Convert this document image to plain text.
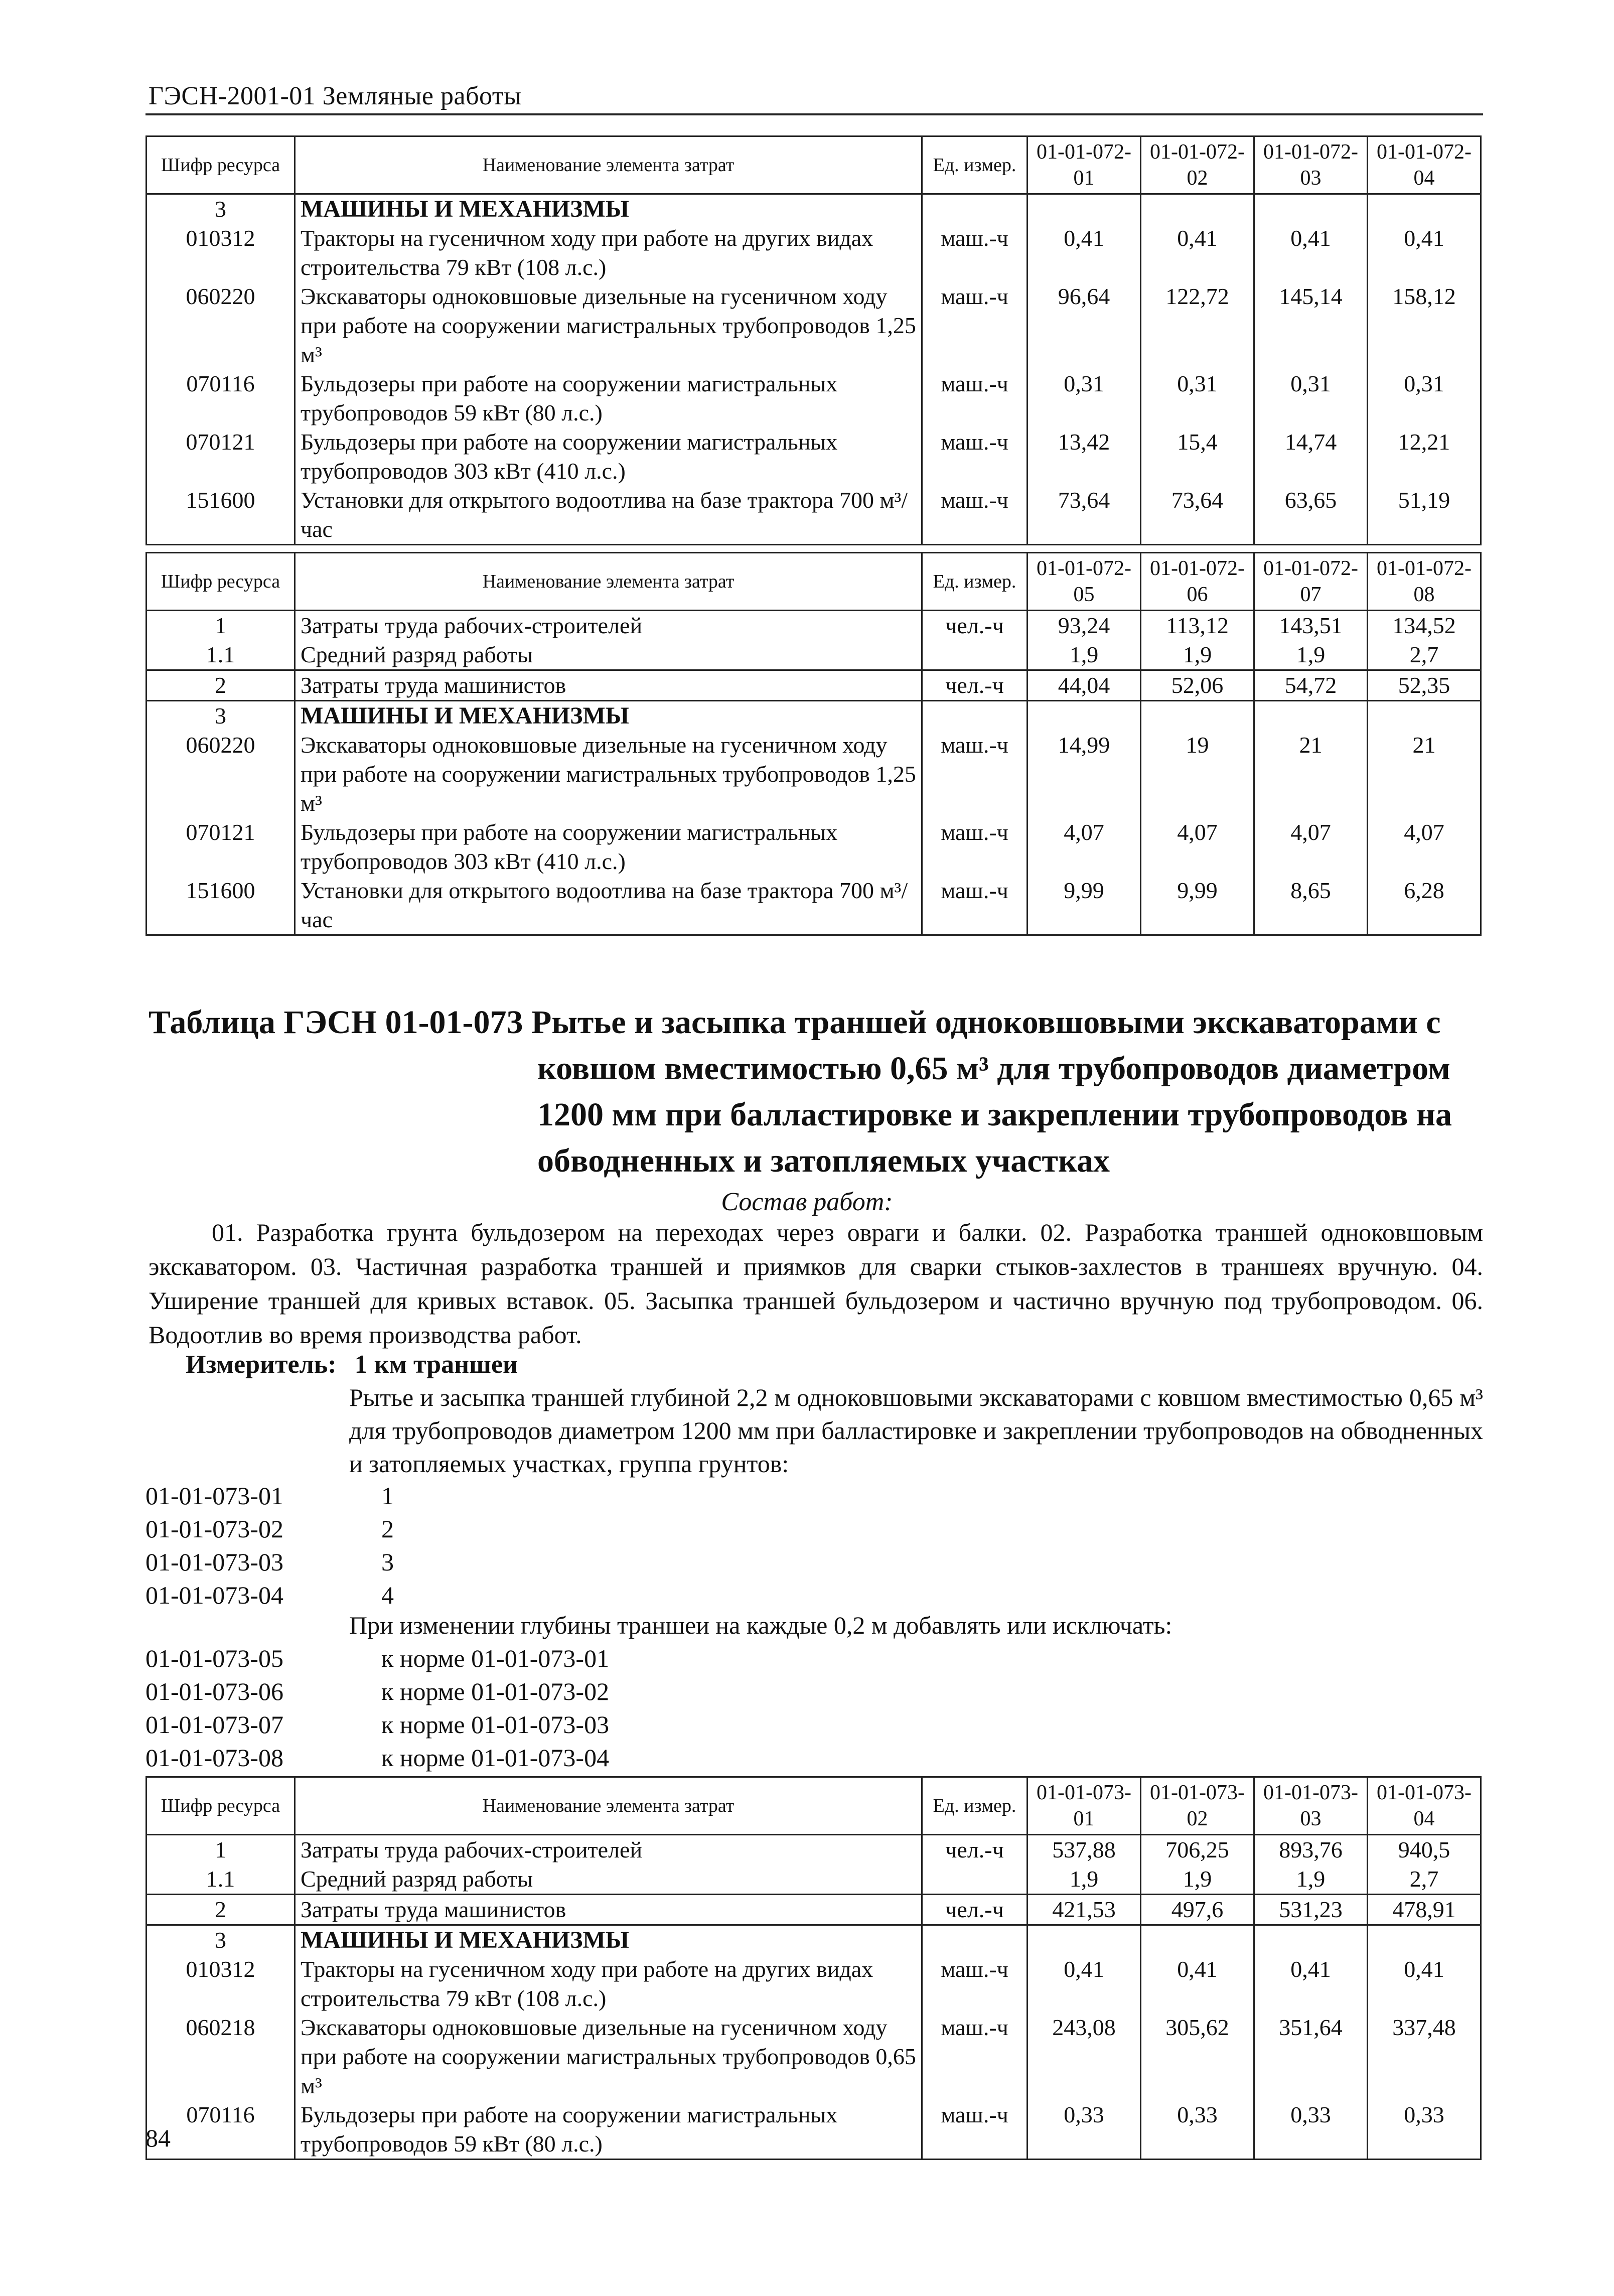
ГЭСН-2001-01 Земляные работы
Шифр ресурса	Наименование элемента затрат	Ед. измер.	01-01-072-01	01-01-072-02	01-01-072-03	01-01-072-04
3	МАШИНЫ И МЕХАНИЗМЫ					
010312	Тракторы на гусеничном ходу при работе на других видах строительства 79 кВт (108 л.с.)	маш.-ч	0,41	0,41	0,41	0,41
060220	Экскаваторы одноковшовые дизельные на гусеничном ходу при работе на сооружении магистральных трубопроводов 1,25 м³	маш.-ч	96,64	122,72	145,14	158,12
070116	Бульдозеры при работе на сооружении магистральных трубопроводов 59 кВт (80 л.с.)	маш.-ч	0,31	0,31	0,31	0,31
070121	Бульдозеры при работе на сооружении магистральных трубопроводов 303 кВт (410 л.с.)	маш.-ч	13,42	15,4	14,74	12,21
151600	Установки для открытого водоотлива на базе трактора 700 м³/час	маш.-ч	73,64	73,64	63,65	51,19
Шифр ресурса	Наименование элемента затрат	Ед. измер.	01-01-072-05	01-01-072-06	01-01-072-07	01-01-072-08
1	Затраты труда рабочих-строителей	чел.-ч	93,24	113,12	143,51	134,52
1.1	Средний разряд работы		1,9	1,9	1,9	2,7
2	Затраты труда машинистов	чел.-ч	44,04	52,06	54,72	52,35
3	МАШИНЫ И МЕХАНИЗМЫ					
060220	Экскаваторы одноковшовые дизельные на гусеничном ходу при работе на сооружении магистральных трубопроводов 1,25 м³	маш.-ч	14,99	19	21	21
070121	Бульдозеры при работе на сооружении магистральных трубопроводов 303 кВт (410 л.с.)	маш.-ч	4,07	4,07	4,07	4,07
151600	Установки для открытого водоотлива на базе трактора 700 м³/час	маш.-ч	9,99	9,99	8,65	6,28
Таблица ГЭСН 01-01-073 Рытье и засыпка траншей одноковшовыми экскаваторами с
ковшом вместимостью 0,65 м³ для трубопроводов диаметром
1200 мм при балластировке и закреплении трубопроводов на
обводненных и затопляемых участках
Состав работ:
01. Разработка грунта бульдозером на переходах через овраги и балки. 02. Разработка траншей одноковшовым экскаватором. 03. Частичная разработка траншей и приямков для сварки стыков-захлестов в траншеях вручную. 04. Уширение траншей для кривых вставок. 05. Засыпка траншей бульдозером и частично вручную под трубопроводом. 06. Водоотлив во время производства работ.
Измеритель: 1 км траншеи
Рытье и засыпка траншей глубиной 2,2 м одноковшовыми экскаваторами с ковшом вместимостью 0,65 м³ для трубопроводов диаметром 1200 мм при балластировке и закреплении трубопроводов на обводненных и затопляемых участках, группа грунтов:
01-01-073-01	1
01-01-073-02	2
01-01-073-03	3
01-01-073-04	4
При изменении глубины траншеи на каждые 0,2 м добавлять или исключать:
01-01-073-05	к норме 01-01-073-01
01-01-073-06	к норме 01-01-073-02
01-01-073-07	к норме 01-01-073-03
01-01-073-08	к норме 01-01-073-04
Шифр ресурса	Наименование элемента затрат	Ед. измер.	01-01-073-01	01-01-073-02	01-01-073-03	01-01-073-04
1	Затраты труда рабочих-строителей	чел.-ч	537,88	706,25	893,76	940,5
1.1	Средний разряд работы		1,9	1,9	1,9	2,7
2	Затраты труда машинистов	чел.-ч	421,53	497,6	531,23	478,91
3	МАШИНЫ И МЕХАНИЗМЫ					
010312	Тракторы на гусеничном ходу при работе на других видах строительства 79 кВт (108 л.с.)	маш.-ч	0,41	0,41	0,41	0,41
060218	Экскаваторы одноковшовые дизельные на гусеничном ходу при работе на сооружении магистральных трубопроводов 0,65 м³	маш.-ч	243,08	305,62	351,64	337,48
070116	Бульдозеры при работе на сооружении магистральных трубопроводов 59 кВт (80 л.с.)	маш.-ч	0,33	0,33	0,33	0,33
84
